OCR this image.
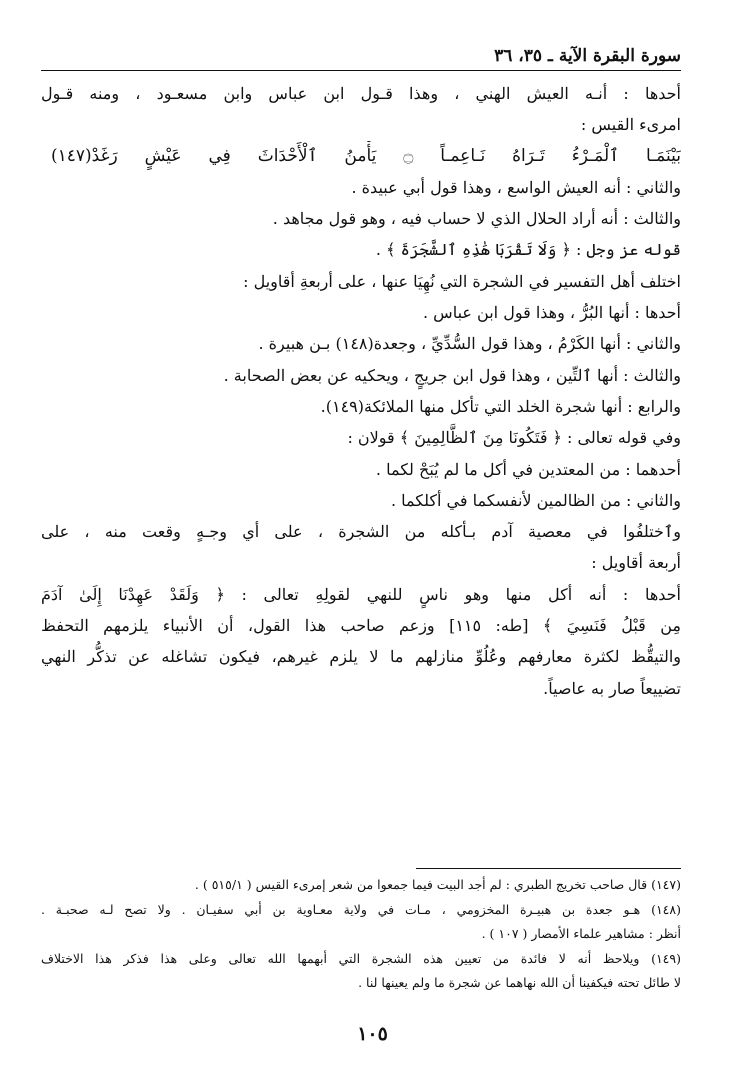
سورة البقرة الآية ـ ٣٥، ٣٦
أحدها : أنـه العيش الهني ، وهذا قـول ابن عباس وابن مسعـود ، ومنه قـول
امرىء القيس :
بَيْنَمَـا ٱلْمَـرْءُ تَـرَاهُ نَـاعِمـاً ۝ يَأْمنُ ٱلْأَحْدَاثَ فِي عَيْشٍ رَغَدْ(١٤٧)
والثاني : أنه العيش الواسع ، وهذا قول أبي عبيدة .
والثالث : أنه أراد الحلال الذي لا حساب فيه ، وهو قول مجاهد .
قوله عز وجل : ﴿ وَلَا تَقْرَبَا هَٰذِهِ ٱلشَّجَرَةَ ﴾ .
اختلف أهل التفسير في الشجرة التي نُهِيَا عنها ، على أربعةِ أقاويل :
أحدها : أنها البُرُّ ، وهذا قول ابن عباس .
والثاني : أنها الكَرْمُ ، وهذا قول السُّدِّيِّ ، وجعدة(١٤٨) بـن هبيرة .
والثالث : أنها ٱلتِّين ، وهذا قول ابن جريجٍ ، ويحكيه عن بعض الصحابة .
والرابع : أنها شجرة الخلد التي تأكل منها الملائكة(١٤٩).
وفي قوله تعالى : ﴿ فَتَكُونَا مِنَ ٱلظَّالِمِينَ ﴾ قولان :
أحدهما : من المعتدين في أكل ما لم يُبَحْ لكما .
والثاني : من الظالمين لأنفسكما في أكلكما .
وٱختلفُوا في معصية آدم بـأكله من الشجرة ، على أي وجـهٍ وقعت منه ، على
أربعة أقاويل :
أحدها : أنه أكل منها وهو ناسٍ للنهي لقولِهِ تعالى : ﴿ وَلَقَدْ عَهِدْنَا إِلَىٰ آدَمَ
مِن قَبْلُ فَنَسِيَ ﴾ [طه: ١١٥] وزعم صاحب هذا القول، أن الأنبياء يلزمهم التحفظ
والتيقُّظ لكثرة معارفهم وعُلُوِّ منازلهم ما لا يلزم غيرهم، فيكون تشاغله عن تذكُّر النهي
تضييعاً صار به عاصياً.
(١٤٧) قال صاحب تخريج الطبري : لم أجد البيت فيما جمعوا من شعر إمرىء القيس ( ٥١٥/١ ) .
(١٤٨) هـو جعدة بن هبيـرة المخزومي ، مـات في ولاية معـاوية بن أبي سفيـان . ولا تصح لـه صحبـة .
أنظر : مشاهير علماء الأمصار ( ١٠٧ ) .
(١٤٩) ويلاحظ أنه لا فائدة من تعيين هذه الشجرة التي أبهمها الله تعالى وعلى هذا فذكر هذا الاختلاف
لا طائل تحته فيكفينا أن الله نهاهما عن شجرة ما ولم يعينها لنا .
١٠٥
